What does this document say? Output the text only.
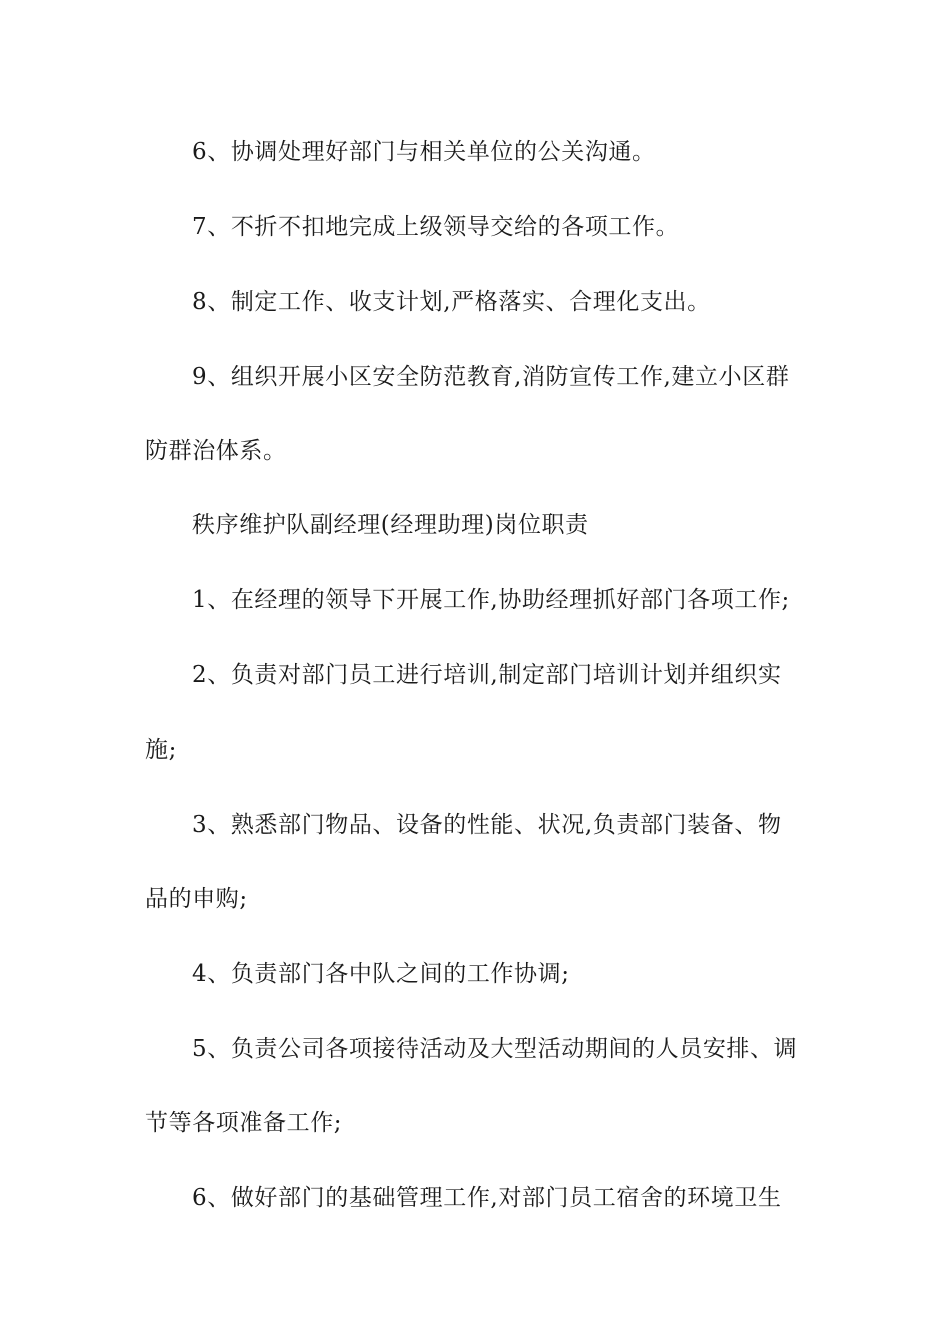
6、协调处理好部门与相关单位的公关沟通。
7、不折不扣地完成上级领导交给的各项工作。
8、制定工作、收支计划,严格落实、合理化支出。
9、组织开展小区安全防范教育,消防宣传工作,建立小区群
防群治体系。
秩序维护队副经理(经理助理)岗位职责
1、在经理的领导下开展工作,协助经理抓好部门各项工作;
2、负责对部门员工进行培训,制定部门培训计划并组织实
施;
3、熟悉部门物品、设备的性能、状况,负责部门装备、物
品的申购;
4、负责部门各中队之间的工作协调;
5、负责公司各项接待活动及大型活动期间的人员安排、调
节等各项准备工作;
6、做好部门的基础管理工作,对部门员工宿舍的环境卫生
